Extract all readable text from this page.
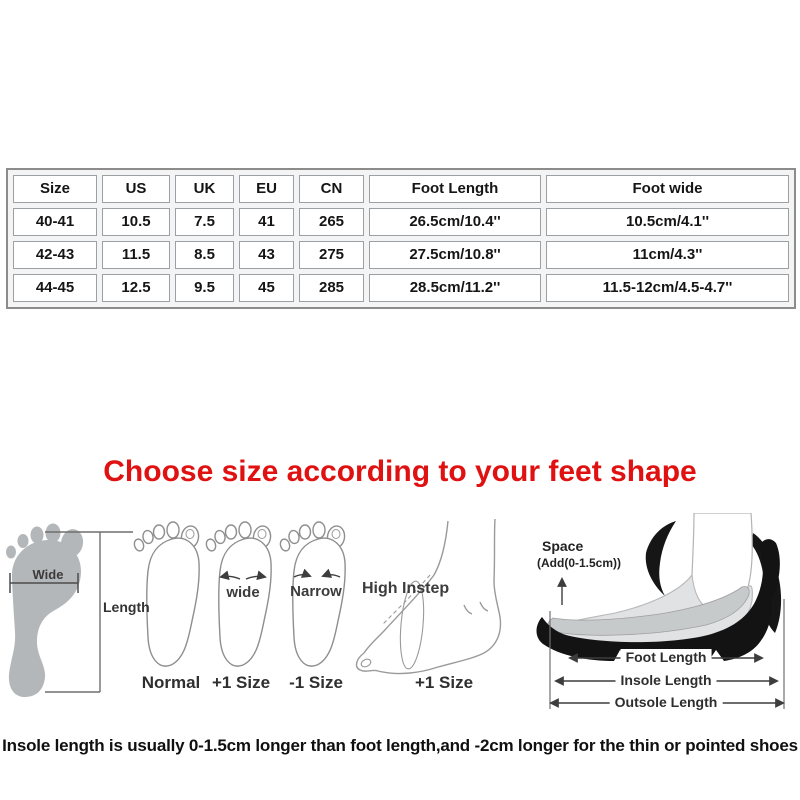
Size	US	UK	EU	CN	Foot Length	Foot wide
40-41	10.5	7.5	41	265	26.5cm/10.4''	10.5cm/4.1''
42-43	11.5	8.5	43	275	27.5cm/10.8''	11cm/4.3''
44-45	12.5	9.5	45	285	28.5cm/11.2''	11.5-12cm/4.5-4.7''
Choose size according to your feet shape
Wide
Length
wide	Narrow	High Instep
Normal +1 Size	-1 Size	+1 Size
Space
(Add(0-1.5cm))
Foot Length
Insole Length
Outsole Length

Insole length is usually 0-1.5cm longer than foot length,and -2cm longer for the thin or pointed shoes
